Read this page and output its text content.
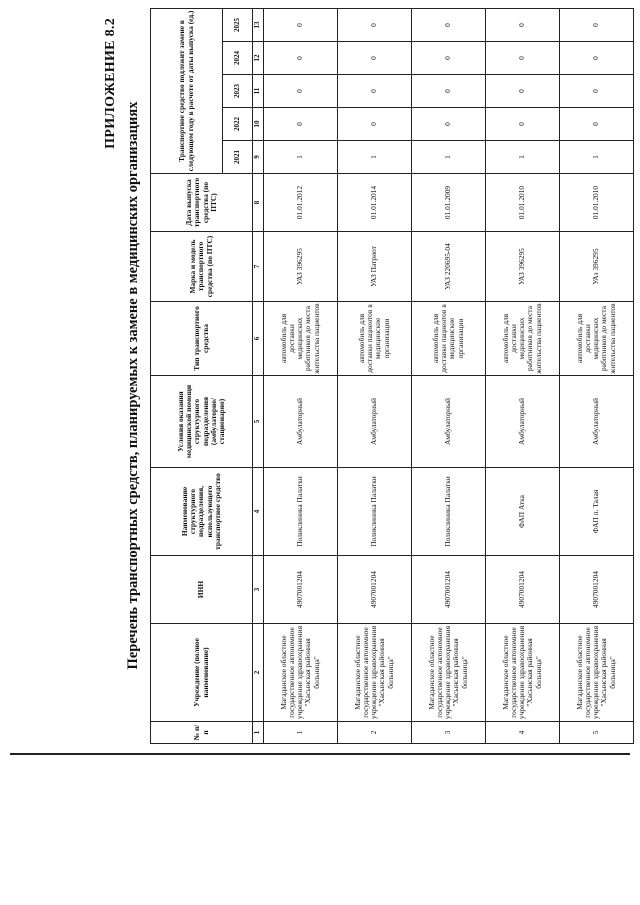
ПРИЛОЖЕНИЕ 8.2
Перечень транспортных средств, планируемых к замене в медицинских организациях
№ п/п	Учреждение (полное наименование)	ИНН	Наименование структурного подразделения, использующего транспортное средство	Условия оказания медицинской помощи структурного подразделения (амбулаторно/ стационарно)	Тип транспортного средства	Марка и модель транспортного средства (по ПТС)	Дата выпуска транспортного средства (по ПТС)	Транспортное средство подлежит замене в следующем году в расчете от даты выпуска (ед.)				
								2021	2022	2023	2024	2025
1	2	3	4	5	6	7	8	9	10	11	12	13
1	Магаданское областное государственное автономное учреждение здравоохранения "Хасынская районная больница"	4907001204	Поликлиника Палатки	Амбулаторный	автомобиль для доставки медицинских работников до места жительства пациентов	УАЗ 396295	01.01.2012	1	0	0	0	0
2	Магаданское областное государственное автономное учреждение здравоохранения "Хасынская районная больница"	4907001204	Поликлиника Палатки	Амбулаторный	автомобиль для доставки пациентов в медицинские организации	УАЗ Патриот	01.01.2014	1	0	0	0	0
3	Магаданское областное государственное автономное учреждение здравоохранения "Хасынская районная больница"	4907001204	Поликлиника Палатки	Амбулаторный	автомобиль для доставки пациентов в медицинские организации	УАЗ 220695-04	01.01.2009	1	0	0	0	0
4	Магаданское областное государственное автономное учреждение здравоохранения "Хасынская районная больница"	4907001204	ФАП Атка	Амбулаторный	автомобиль для доставки медицинских работников до места жительства пациентов	УАЗ 396295	01.01.2010	1	0	0	0	0
5	Магаданское областное государственное автономное учреждение здравоохранения "Хасынская районная больница"	4907001204	ФАП п. Талая	Амбулаторный	автомобиль для доставки медицинских работников до места жительства пациентов	УАз 396295	01.01.2010	1	0	0	0	0
